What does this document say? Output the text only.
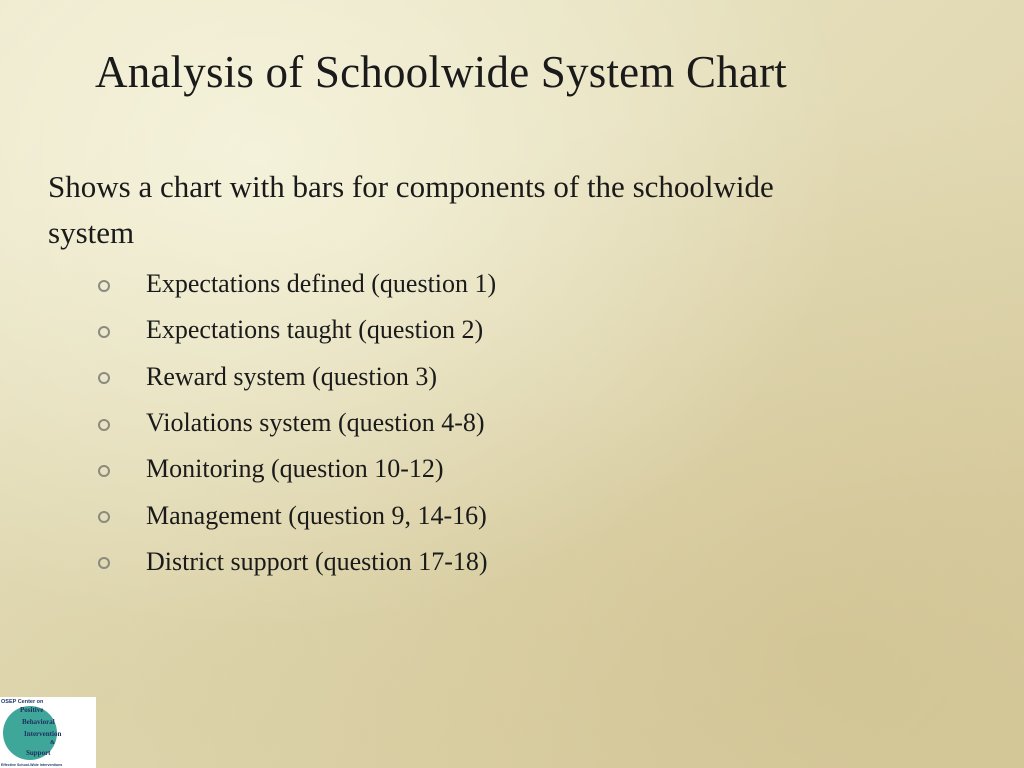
Analysis of Schoolwide System Chart

Shows a chart with bars for components of the schoolwide system

Expectations defined (question 1)
Expectations taught (question 2)
Reward system (question 3)
Violations system (question 4-8)
Monitoring (question 10-12)
Management (question 9, 14-16)
District support (question 17-18)
OSEP Center on
Positive
Behavioral
Intervention
&
Support
Effective School-Wide Interventions
